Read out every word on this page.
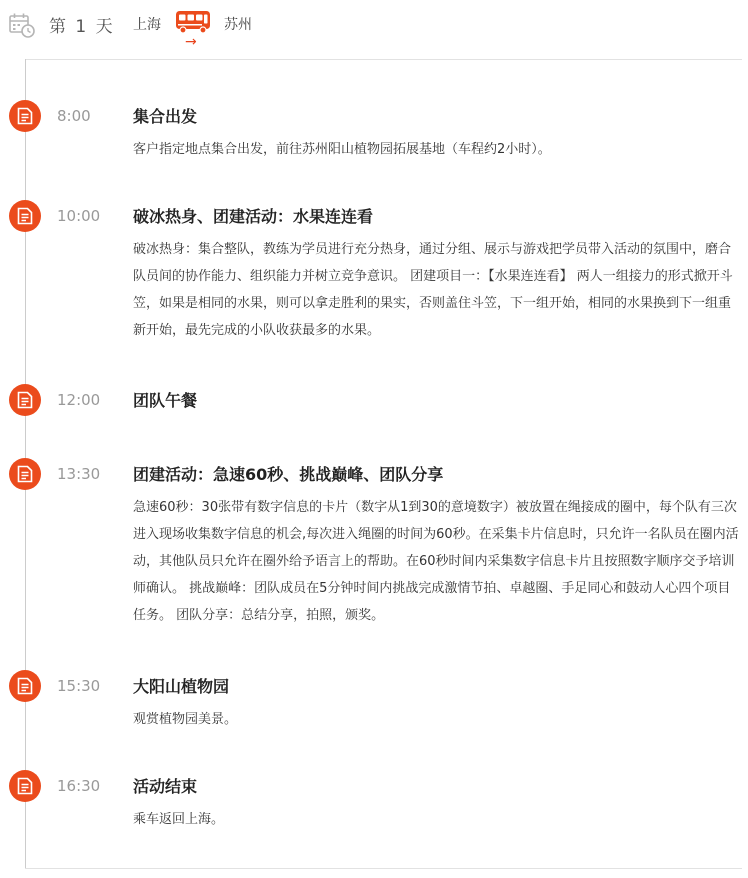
第 1 天 上海
→
苏州
8:00	集合出发
客户指定地点集合出发，前往苏州阳山植物园拓展基地（车程约2小时）。
10:00 破冰热身、团建活动：水果连连看
破冰热身：集合整队，教练为学员进行充分热身，通过分组、展示与游戏把学员带入活动的氛围中，磨合队员间的协作能力、组织能力并树立竞争意识。 团建项目一：【水果连连看】 两人一组接力的形式掀开斗笠，如果是相同的水果，则可以拿走胜利的果实，否则盖住斗笠，下一组开始，相同的水果换到下一组重新开始，最先完成的小队收获最多的水果。
12:00 团队午餐
13:30 团建活动：急速60秒、挑战巅峰、团队分享
急速60秒：30张带有数字信息的卡片（数字从1到30的意境数字）被放置在绳接成的圈中，每个队有三次进入现场收集数字信息的机会,每次进入绳圈的时间为60秒。在采集卡片信息时，只允许一名队员在圈内活动，其他队员只允许在圈外给予语言上的帮助。在60秒时间内采集数字信息卡片且按照数字顺序交予培训师确认。 挑战巅峰：团队成员在5分钟时间内挑战完成激情节拍、卓越圈、手足同心和鼓动人心四个项目任务。 团队分享：总结分享，拍照，颁奖。
15:30 大阳山植物园
观赏植物园美景。
16:30 活动结束
乘车返回上海。
